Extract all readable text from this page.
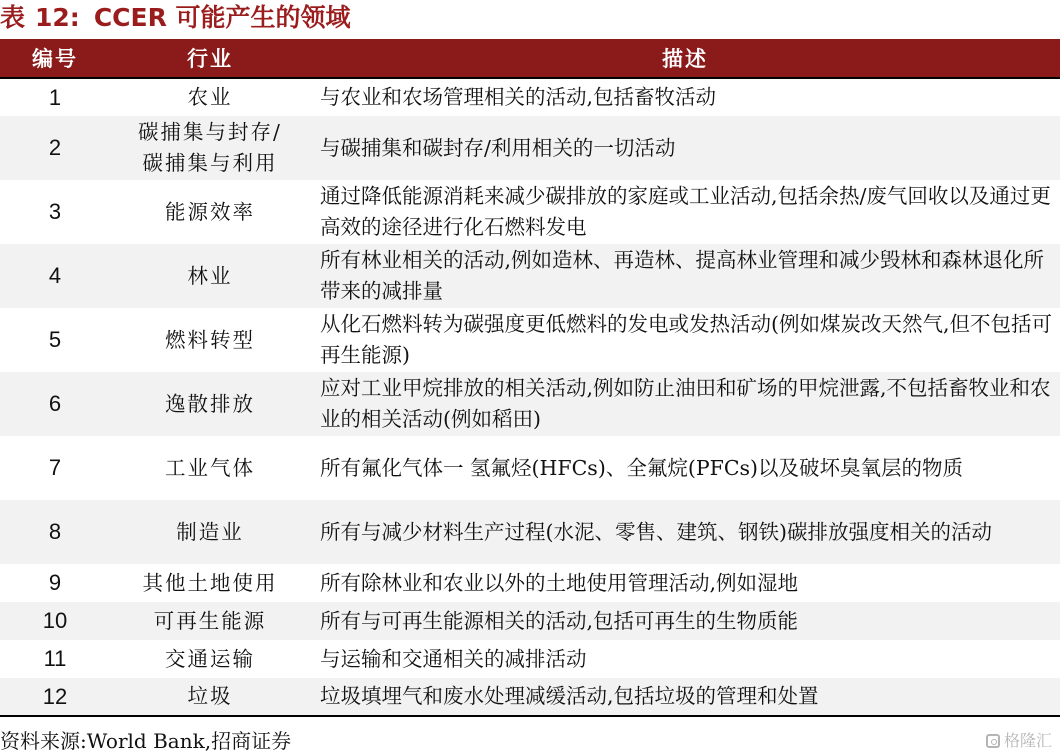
表 12: CCER 可能产生的领域
编号	行业	描述
1	农业	与农业和农场管理相关的活动,包括畜牧活动
2	碳捕集与封存/碳捕集与利用	与碳捕集和碳封存/利用相关的一切活动
3	能源效率	通过降低能源消耗来减少碳排放的家庭或工业活动,包括余热/废气回收以及通过更高效的途径进行化石燃料发电
4	林业	所有林业相关的活动,例如造林、再造林、提高林业管理和减少毁林和森林退化所带来的减排量
5	燃料转型	从化石燃料转为碳强度更低燃料的发电或发热活动(例如煤炭改天然气,但不包括可再生能源)
6	逸散排放	应对工业甲烷排放的相关活动,例如防止油田和矿场的甲烷泄露,不包括畜牧业和农业的相关活动(例如稻田)
7	工业气体	所有氟化气体一 氢氟烃(HFCs)、全氟烷(PFCs)以及破坏臭氧层的物质
8	制造业	所有与减少材料生产过程(水泥、零售、建筑、钢铁)碳排放强度相关的活动
9	其他土地使用	所有除林业和农业以外的土地使用管理活动,例如湿地
10	可再生能源	所有与可再生能源相关的活动,包括可再生的生物质能
11	交通运输	与运输和交通相关的减排活动
12	垃圾	垃圾填埋气和废水处理减缓活动,包括垃圾的管理和处置
资料来源:World Bank,招商证券	格隆汇
